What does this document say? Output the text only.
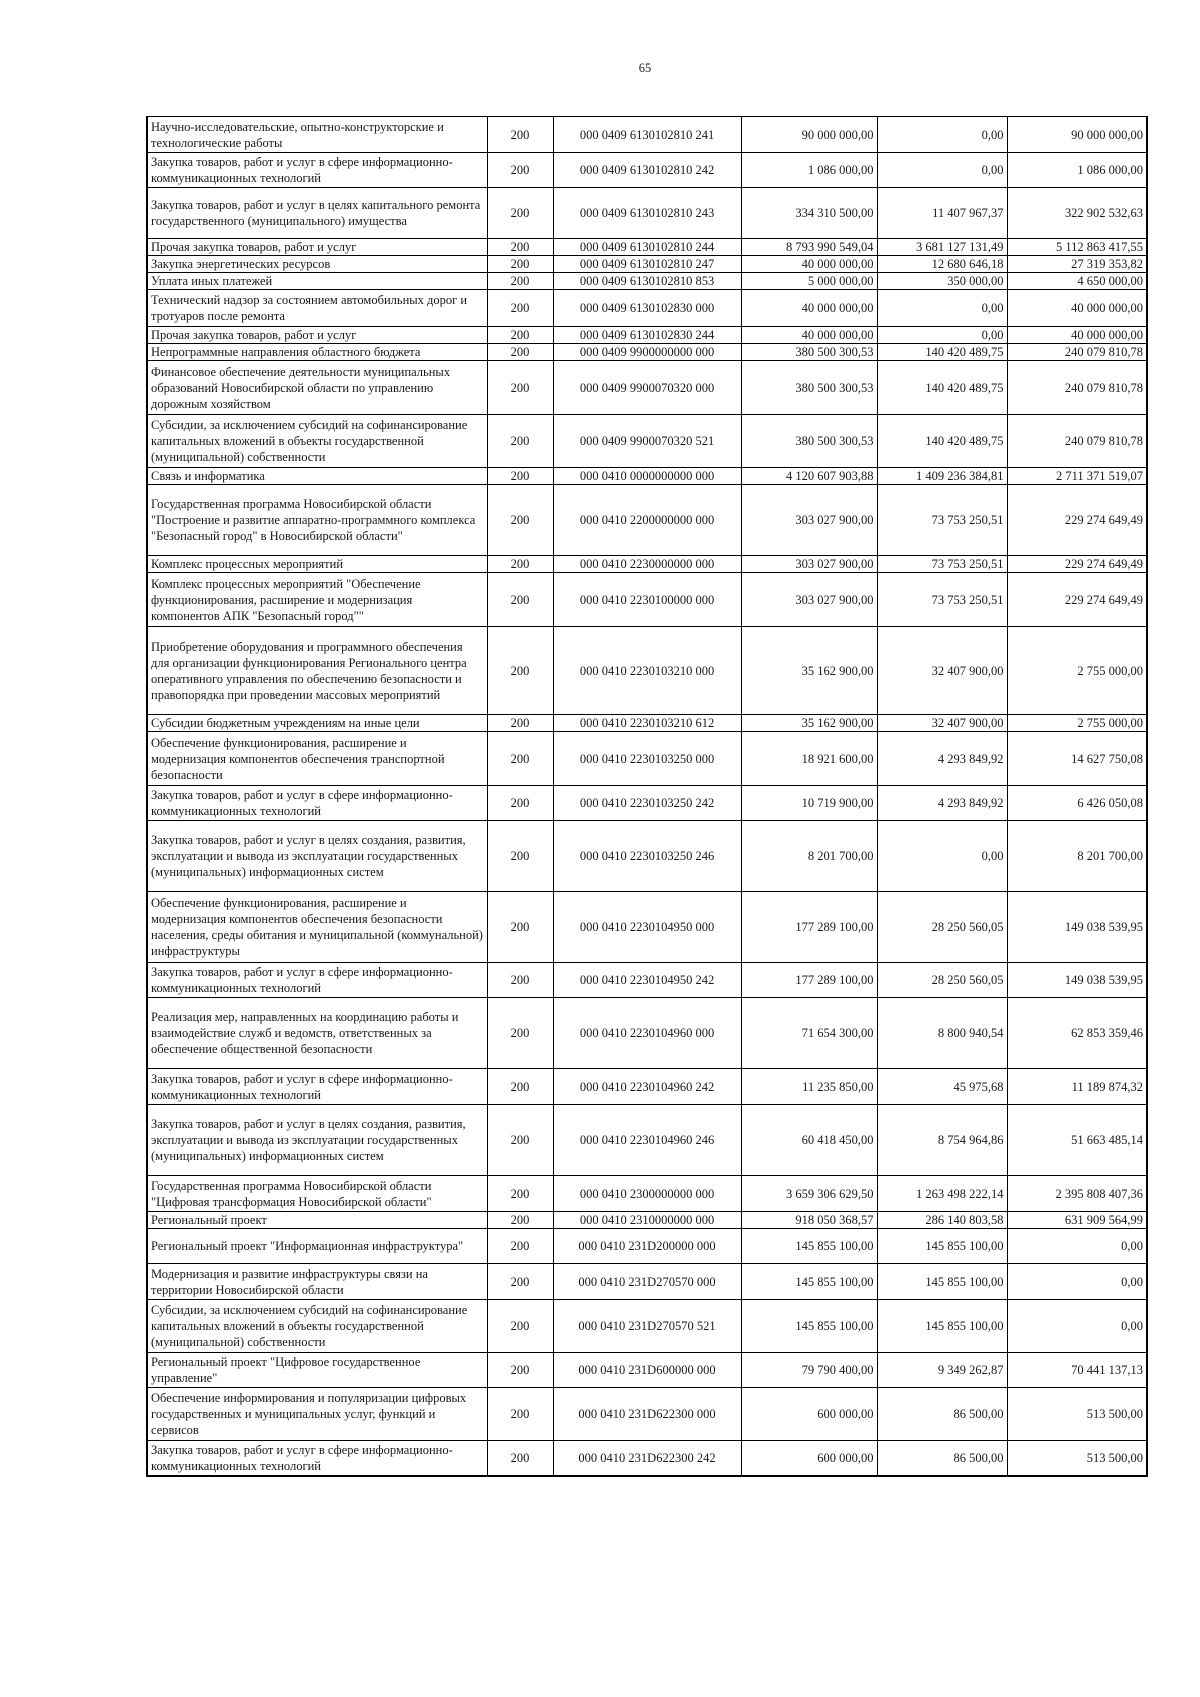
65
Научно-исследовательские, опытно-конструкторские и технологические работы	200	000 0409 6130102810 241	90 000 000,00	0,00	90 000 000,00
Закупка товаров, работ и услуг в сфере информационно-коммуникационных технологий	200	000 0409 6130102810 242	1 086 000,00	0,00	1 086 000,00
Закупка товаров, работ и услуг в целях капитального ремонта государственного (муниципального) имущества	200	000 0409 6130102810 243	334 310 500,00	11 407 967,37	322 902 532,63
Прочая закупка товаров, работ и услуг	200	000 0409 6130102810 244	8 793 990 549,04	3 681 127 131,49	5 112 863 417,55
Закупка энергетических ресурсов	200	000 0409 6130102810 247	40 000 000,00	12 680 646,18	27 319 353,82
Уплата иных платежей	200	000 0409 6130102810 853	5 000 000,00	350 000,00	4 650 000,00
Технический надзор за состоянием автомобильных дорог и тротуаров после ремонта	200	000 0409 6130102830 000	40 000 000,00	0,00	40 000 000,00
Прочая закупка товаров, работ и услуг	200	000 0409 6130102830 244	40 000 000,00	0,00	40 000 000,00
Непрограммные направления областного бюджета	200	000 0409 9900000000 000	380 500 300,53	140 420 489,75	240 079 810,78
Финансовое обеспечение деятельности муниципальных образований Новосибирской области по управлению дорожным хозяйством	200	000 0409 9900070320 000	380 500 300,53	140 420 489,75	240 079 810,78
Субсидии, за исключением субсидий на софинансирование капитальных вложений в объекты государственной (муниципальной) собственности	200	000 0409 9900070320 521	380 500 300,53	140 420 489,75	240 079 810,78
Связь и информатика	200	000 0410 0000000000 000	4 120 607 903,88	1 409 236 384,81	2 711 371 519,07
Государственная программа Новосибирской области "Построение и развитие аппаратно-программного комплекса "Безопасный город" в Новосибирской области"	200	000 0410 2200000000 000	303 027 900,00	73 753 250,51	229 274 649,49
Комплекс процессных мероприятий	200	000 0410 2230000000 000	303 027 900,00	73 753 250,51	229 274 649,49
Комплекс процессных мероприятий "Обеспечение функционирования, расширение и модернизация компонентов АПК "Безопасный город""	200	000 0410 2230100000 000	303 027 900,00	73 753 250,51	229 274 649,49
Приобретение оборудования и программного обеспечения для организации функционирования Регионального центра оперативного управления по обеспечению безопасности и правопорядка при проведении массовых мероприятий	200	000 0410 2230103210 000	35 162 900,00	32 407 900,00	2 755 000,00
Субсидии бюджетным учреждениям на иные цели	200	000 0410 2230103210 612	35 162 900,00	32 407 900,00	2 755 000,00
Обеспечение функционирования, расширение и модернизация компонентов обеспечения транспортной безопасности	200	000 0410 2230103250 000	18 921 600,00	4 293 849,92	14 627 750,08
Закупка товаров, работ и услуг в сфере информационно-коммуникационных технологий	200	000 0410 2230103250 242	10 719 900,00	4 293 849,92	6 426 050,08
Закупка товаров, работ и услуг в целях создания, развития, эксплуатации и вывода из эксплуатации государственных (муниципальных) информационных систем	200	000 0410 2230103250 246	8 201 700,00	0,00	8 201 700,00
Обеспечение функционирования, расширение и модернизация компонентов обеспечения безопасности населения, среды обитания и муниципальной (коммунальной) инфраструктуры	200	000 0410 2230104950 000	177 289 100,00	28 250 560,05	149 038 539,95
Закупка товаров, работ и услуг в сфере информационно-коммуникационных технологий	200	000 0410 2230104950 242	177 289 100,00	28 250 560,05	149 038 539,95
Реализация мер, направленных на координацию работы и взаимодействие служб и ведомств, ответственных за обеспечение общественной безопасности	200	000 0410 2230104960 000	71 654 300,00	8 800 940,54	62 853 359,46
Закупка товаров, работ и услуг в сфере информационно-коммуникационных технологий	200	000 0410 2230104960 242	11 235 850,00	45 975,68	11 189 874,32
Закупка товаров, работ и услуг в целях создания, развития, эксплуатации и вывода из эксплуатации государственных (муниципальных) информационных систем	200	000 0410 2230104960 246	60 418 450,00	8 754 964,86	51 663 485,14
Государственная программа Новосибирской области "Цифровая трансформация Новосибирской области"	200	000 0410 2300000000 000	3 659 306 629,50	1 263 498 222,14	2 395 808 407,36
Региональный проект	200	000 0410 2310000000 000	918 050 368,57	286 140 803,58	631 909 564,99
Региональный проект "Информационная инфраструктура"	200	000 0410 231D200000 000	145 855 100,00	145 855 100,00	0,00
Модернизация и развитие инфраструктуры связи на территории Новосибирской области	200	000 0410 231D270570 000	145 855 100,00	145 855 100,00	0,00
Субсидии, за исключением субсидий на софинансирование капитальных вложений в объекты государственной (муниципальной) собственности	200	000 0410 231D270570 521	145 855 100,00	145 855 100,00	0,00
Региональный проект "Цифровое государственное управление"	200	000 0410 231D600000 000	79 790 400,00	9 349 262,87	70 441 137,13
Обеспечение информирования и популяризации цифровых государственных и муниципальных услуг, функций и сервисов	200	000 0410 231D622300 000	600 000,00	86 500,00	513 500,00
Закупка товаров, работ и услуг в сфере информационно-коммуникационных технологий	200	000 0410 231D622300 242	600 000,00	86 500,00	513 500,00
